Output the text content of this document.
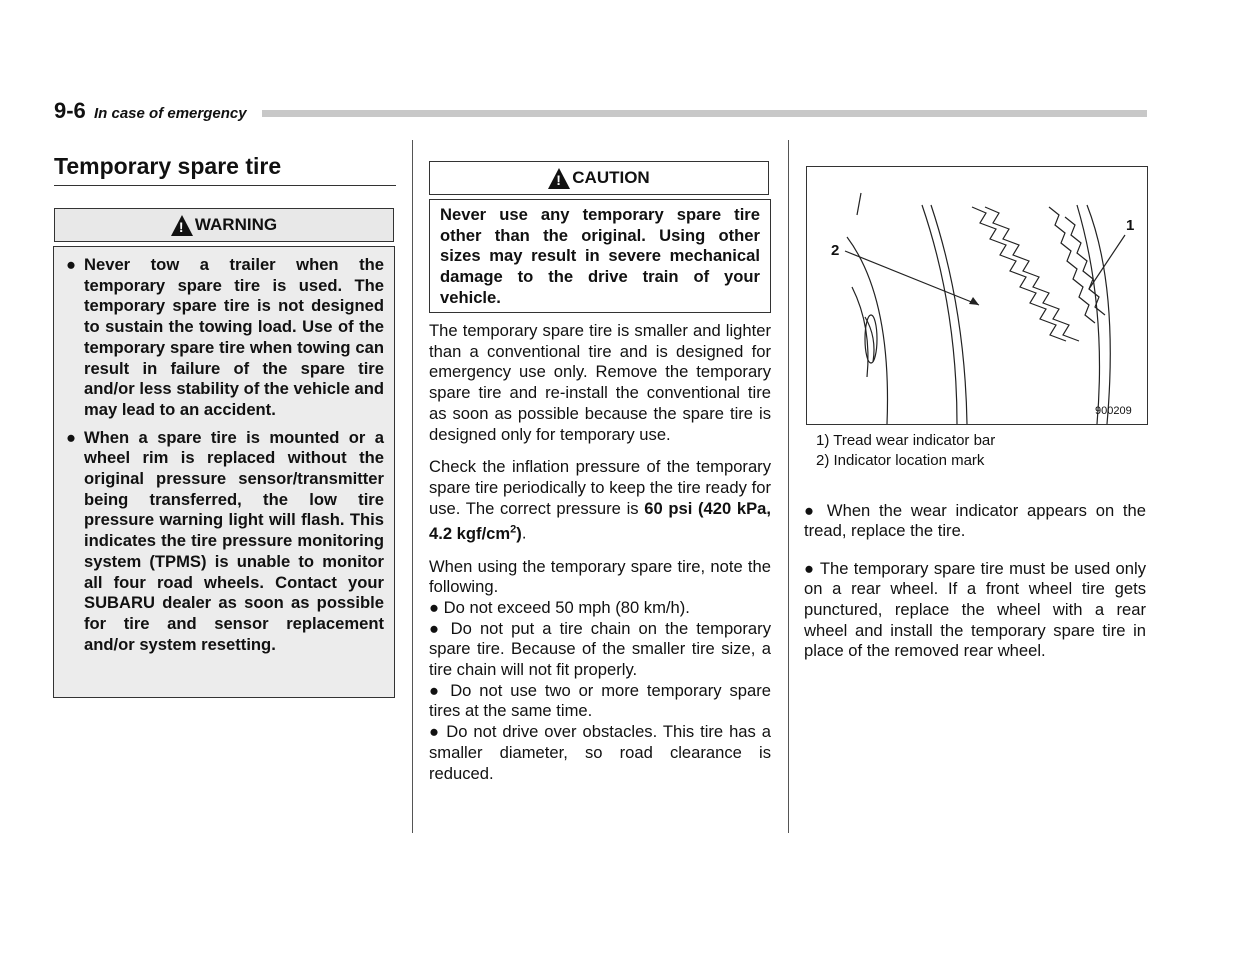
9-6 In case of emergency
Temporary spare tire
!
WARNING
● Never tow a trailer when the temporary spare tire is used. The temporary spare tire is not designed to sustain the towing load. Use of the temporary spare tire when towing can result in failure of the spare tire and/or less stability of the vehicle and may lead to an accident.
● When a spare tire is mounted or a wheel rim is replaced without the original pressure sensor/transmitter being transferred, the low tire pressure warning light will flash. This indicates the tire pressure monitoring system (TPMS) is unable to monitor all four road wheels. Contact your SUBARU dealer as soon as possible for tire and sensor replacement and/or system resetting.
!
CAUTION

Never use any temporary spare tire other than the original. Using other sizes may result in severe mechanical damage to the drive train of your vehicle.

The temporary spare tire is smaller and lighter than a conventional tire and is designed for emergency use only. Remove the temporary spare tire and re-install the conventional tire as soon as possible because the spare tire is designed only for temporary use.

Check the inflation pressure of the temporary spare tire periodically to keep the tire ready for use. The correct pressure is 60 psi (420 kPa, 4.2 kgf/$cm^2$).

When using the temporary spare tire, note the following.

● Do not exceed 50 mph (80 km/h).

● Do not put a tire chain on the temporary spare tire. Because of the smaller tire size, a tire chain will not fit properly.

● Do not use two or more temporary spare tires at the same time.

● Do not drive over obstacles. This tire has a smaller diameter, so road clearance is reduced.

2
1
900209
1) Tread wear indicator bar
2) Indicator location mark

● When the wear indicator appears on the tread, replace the tire.

● The temporary spare tire must be used only on a rear wheel. If a front wheel tire gets punctured, replace the wheel with a rear wheel and install the temporary spare tire in place of the removed rear wheel.
